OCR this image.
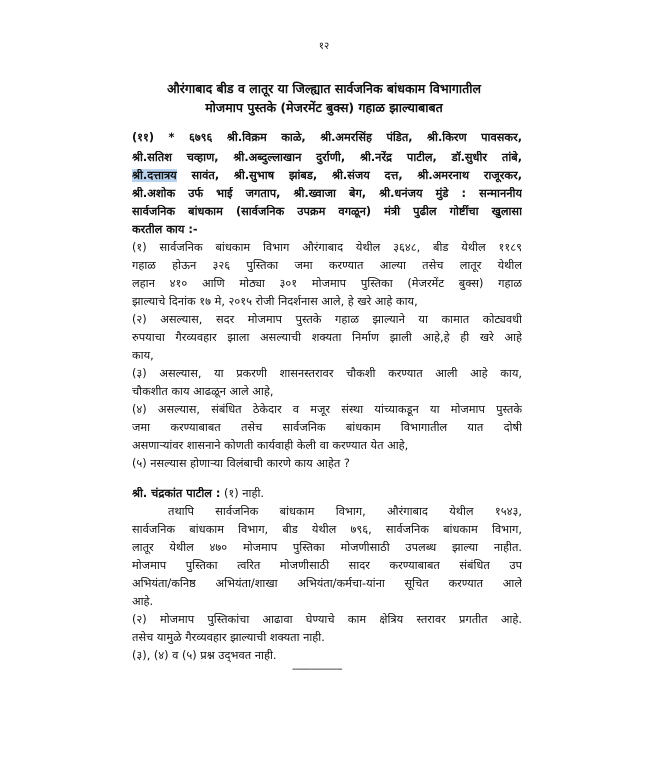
१२
औरंगाबाद बीड व लातूर या जिल्ह्यात सार्वजनिक बांधकाम विभागातील
मोजमाप पुस्तके (मेजरमेंट बुक्स) गहाळ झाल्याबाबत
(११) * ६७९६ श्री.विक्रम काळे, श्री.अमरसिंह पंडित, श्री.किरण पावसकर,
श्री.सतिश चव्हाण, श्री.अब्दुल्लाखान दुर्राणी, श्री.नरेंद्र पाटील, डॉ.सुधीर तांबे,
श्री.दत्तात्रय सावंत, श्री.सुभाष झांबड, श्री.संजय दत्त, श्री.अमरनाथ राजूरकर,
श्री.अशोक उर्फ भाई जगताप, श्री.ख्वाजा बेग, श्री.धनंजय मुंडे : सन्माननीय
सार्वजनिक बांधकाम (सार्वजनिक उपक्रम वगळून) मंत्री पुढील गोष्टींचा खुलासा
करतील काय :-
(१) सार्वजनिक बांधकाम विभाग औरंगाबाद येथील ३६४८, बीड येथील ११८९
गहाळ होऊन ३२६ पुस्तिका जमा करण्यात आल्या तसेच लातूर येथील
लहान ४१० आणि मोठ्या ३०१ मोजमाप पुस्तिका (मेजरमेंट बुक्स) गहाळ
झाल्याचे दिनांक १७ मे, २०१५ रोजी निदर्शनास आले, हे खरे आहे काय,
(२) असल्यास, सदर मोजमाप पुस्तके गहाळ झाल्याने या कामात कोट्यवधी
रुपयाचा गैरव्यवहार झाला असल्याची शक्यता निर्माण झाली आहे,हे ही खरे आहे
काय,
(३) असल्यास, या प्रकरणी शासनस्तरावर चौकशी करण्यात आली आहे काय,
चौकशीत काय आढळून आले आहे,
(४) असल्यास, संबंधित ठेकेदार व मजूर संस्था यांच्याकडून या मोजमाप पुस्तके
जमा करण्याबाबत तसेच सार्वजनिक बांधकाम विभागातील यात दोषी
असणाऱ्यांवर शासनाने कोणती कार्यवाही केली वा करण्यात येत आहे,
(५) नसल्यास होणाऱ्या विलंबाची कारणे काय आहेत ?
श्री. चंद्रकांत पाटील : (१) नाही.
तथापि सार्वजनिक बांधकाम विभाग, औरंगाबाद येथील १५४३,
सार्वजनिक बांधकाम विभाग, बीड येथील ७९६, सार्वजनिक बांधकाम विभाग,
लातूर येथील ४७० मोजमाप पुस्तिका मोजणीसाठी उपलब्ध झाल्या नाहीत.
मोजमाप पुस्तिका त्वरित मोजणीसाठी सादर करण्याबाबत संबंधित उप
अभियंता/कनिष्ठ अभियंता/शाखा अभियंता/कर्मचा-यांना सूचित करण्यात आले
आहे.
(२) मोजमाप पुस्तिकांचा आढावा घेण्याचे काम क्षेत्रिय स्तरावर प्रगतीत आहे.
तसेच यामुळे गैरव्यवहार झाल्याची शक्यता नाही.
(३), (४) व (५) प्रश्न उद्‌भवत नाही.
-------------------
